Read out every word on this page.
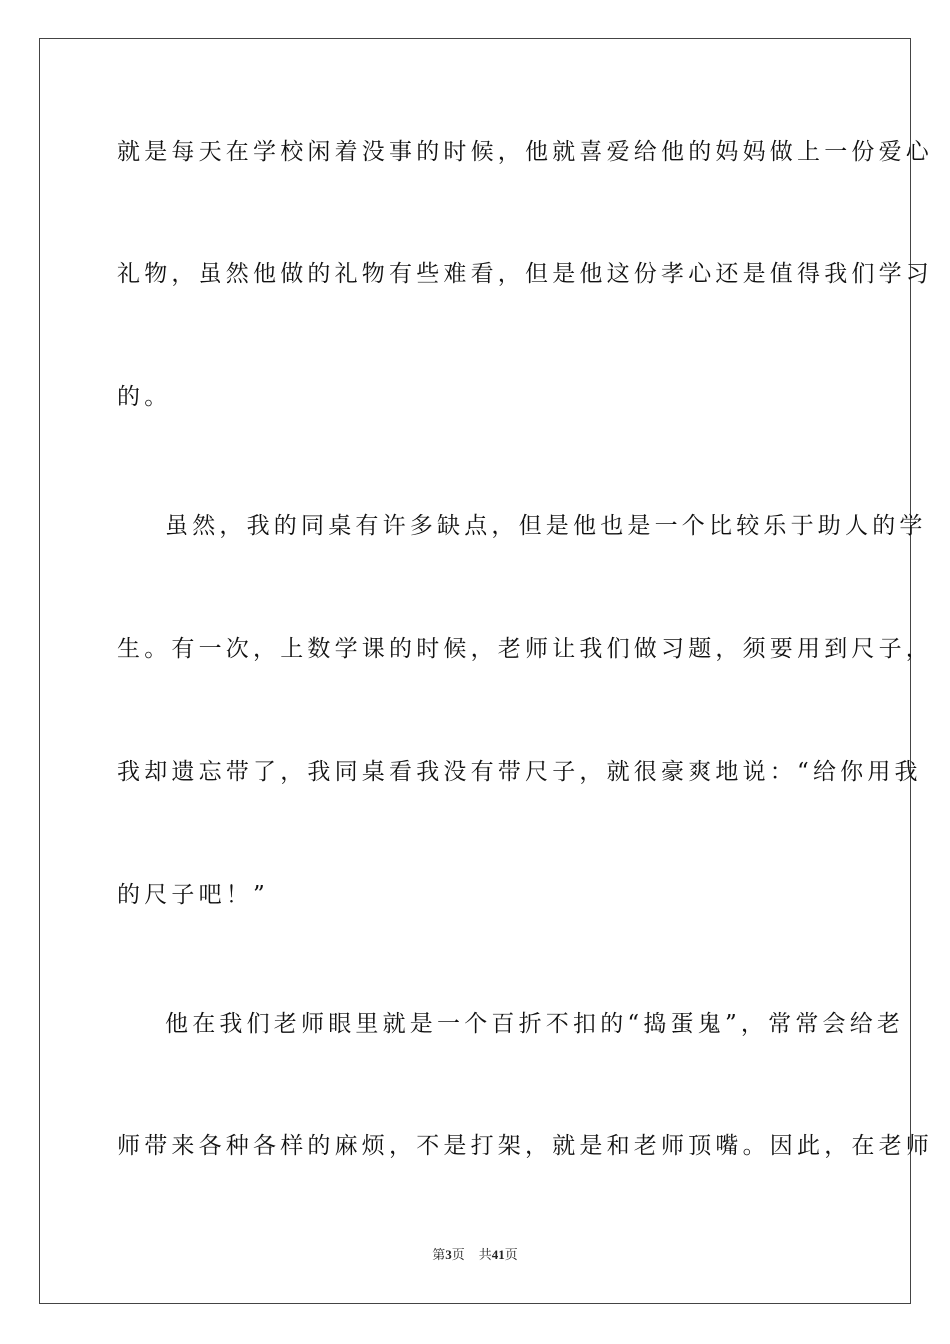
就是每天在学校闲着没事的时候，他就喜爱给他的妈妈做上一份爱心
礼物，虽然他做的礼物有些难看，但是他这份孝心还是值得我们学习
的。
虽然，我的同桌有许多缺点，但是他也是一个比较乐于助人的学
生。有一次，上数学课的时候，老师让我们做习题，须要用到尺子，
我却遗忘带了，我同桌看我没有带尺子，就很豪爽地说：“给你用我
的尺子吧！”
他在我们老师眼里就是一个百折不扣的“捣蛋鬼”，常常会给老
师带来各种各样的麻烦，不是打架，就是和老师顶嘴。因此，在老师
第3页 共41页
